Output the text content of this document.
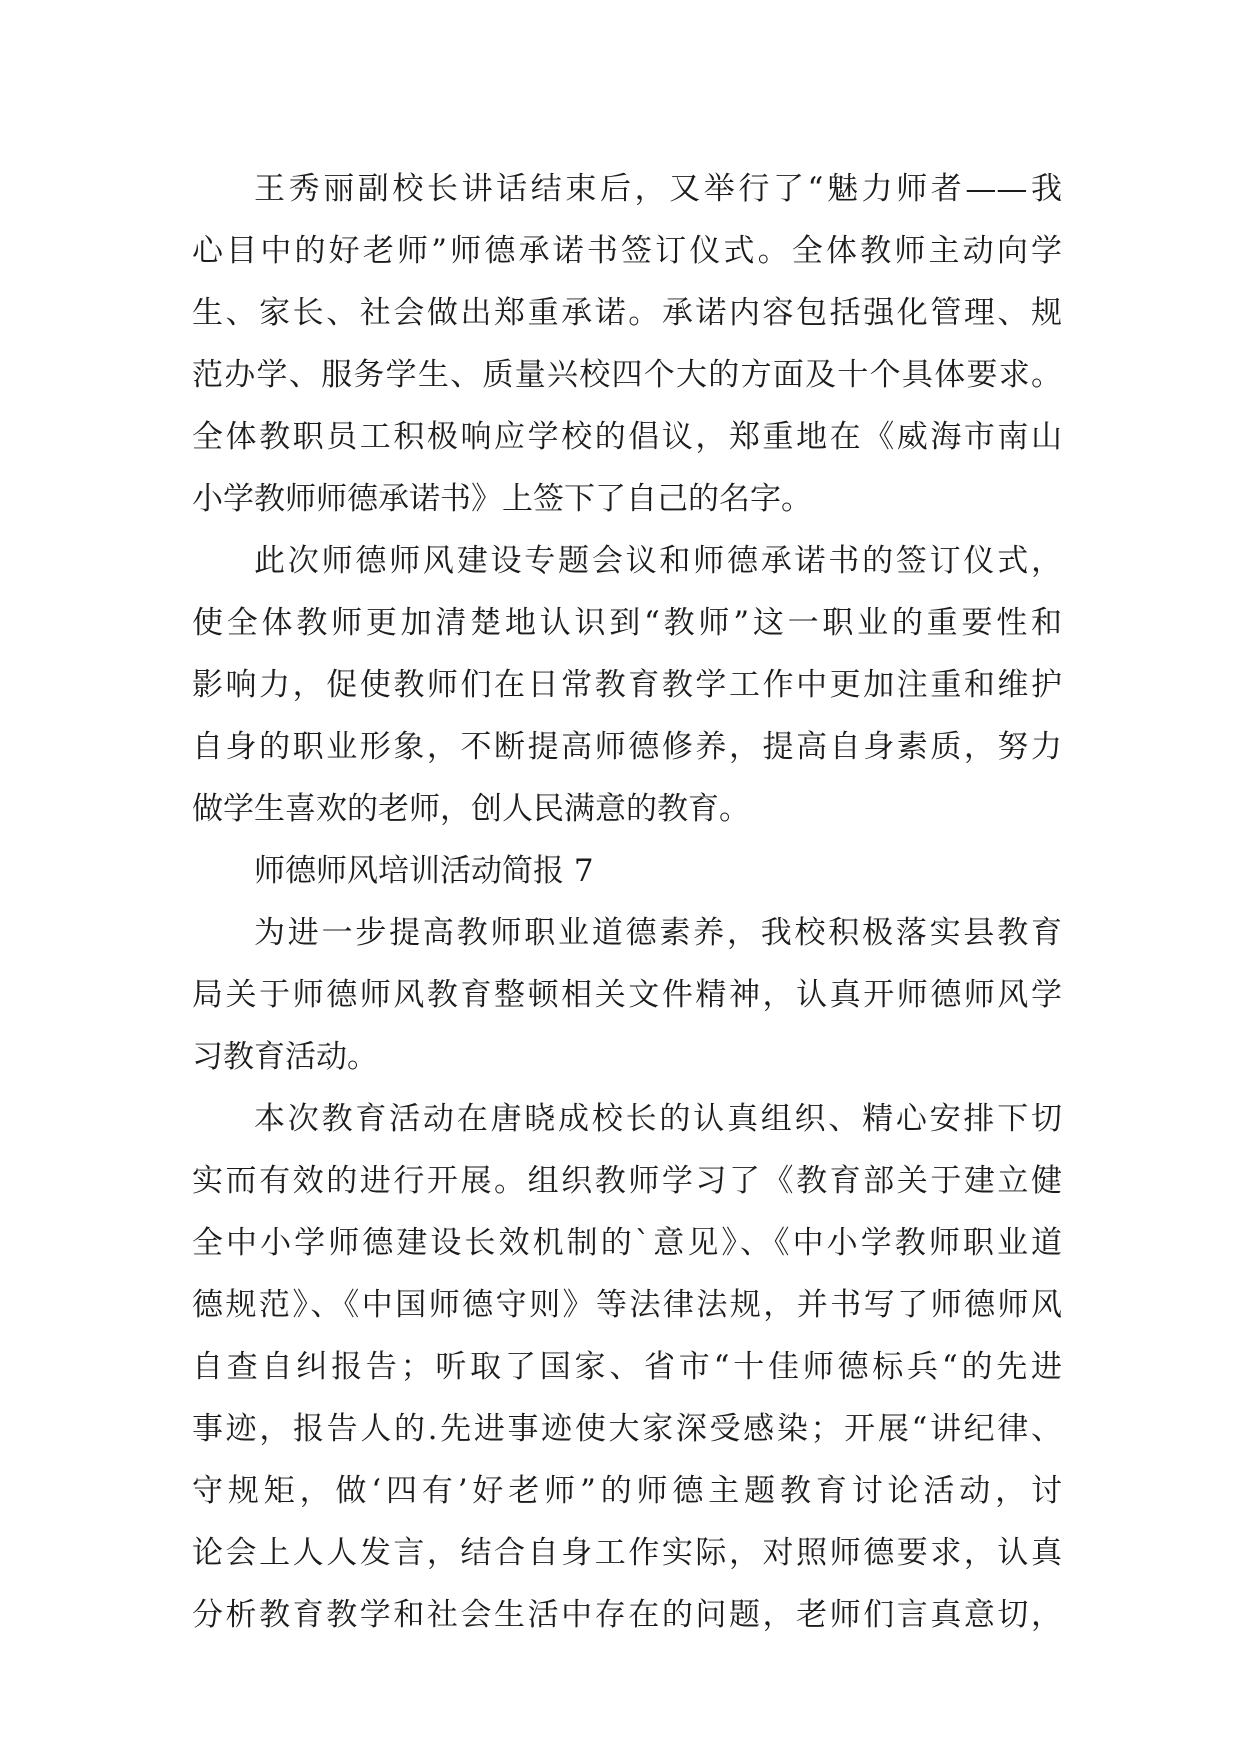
王秀丽副校长讲话结束后，又举行了“魅力师者——我
心目中的好老师”师德承诺书签订仪式。全体教师主动向学
生、家长、社会做出郑重承诺。承诺内容包括强化管理、规
范办学、服务学生、质量兴校四个大的方面及十个具体要求。
全体教职员工积极响应学校的倡议，郑重地在《威海市南山
小学教师师德承诺书》上签下了自己的名字。
此次师德师风建设专题会议和师德承诺书的签订仪式，
使全体教师更加清楚地认识到“教师”这一职业的重要性和
影响力，促使教师们在日常教育教学工作中更加注重和维护
自身的职业形象，不断提高师德修养，提高自身素质，努力
做学生喜欢的老师，创人民满意的教育。
师德师风培训活动简报 7
为进一步提高教师职业道德素养，我校积极落实县教育
局关于师德师风教育整顿相关文件精神，认真开师德师风学
习教育活动。
本次教育活动在唐晓成校长的认真组织、精心安排下切
实而有效的进行开展。组织教师学习了《教育部关于建立健
全中小学师德建设长效机制的`意见》、《中小学教师职业道
德规范》、《中国师德守则》等法律法规，并书写了师德师风
自查自纠报告；听取了国家、省市“十佳师德标兵“的先进
事迹，报告人的.先进事迹使大家深受感染；开展“讲纪律、
守规矩，做‘四有’好老师”的师德主题教育讨论活动，讨
论会上人人发言，结合自身工作实际，对照师德要求，认真
分析教育教学和社会生活中存在的问题，老师们言真意切，
